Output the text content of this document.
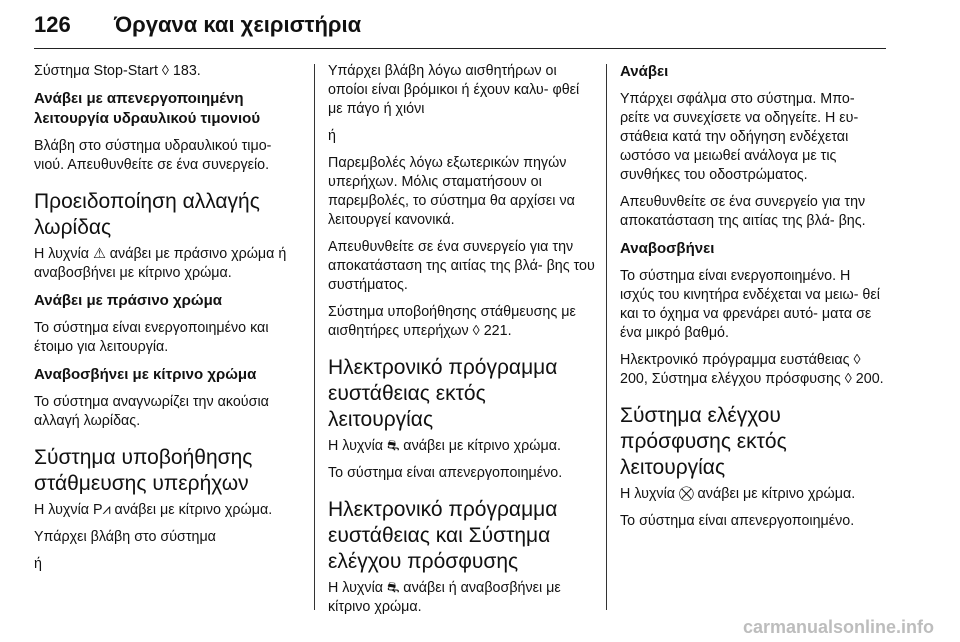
126 Όργανα και χειριστήρια

Σύστημα Stop-Start ◊ 183.

Ανάβει με απενεργοποιημένη λειτουργία υδραυλικού τιμονιού

Βλάβη στο σύστημα υδραυλικού τιμο- νιού. Απευθυνθείτε σε ένα συνεργείο.

Προειδοποίηση αλλαγής λωρίδας

Η λυχνία ⚠ ανάβει με πράσινο χρώμα ή αναβοσβήνει με κίτρινο χρώμα.

Ανάβει με πράσινο χρώμα

Το σύστημα είναι ενεργοποιημένο και έτοιμο για λειτουργία.

Αναβοσβήνει με κίτρινο χρώμα

Το σύστημα αναγνωρίζει την ακούσια αλλαγή λωρίδας.

Σύστημα υποβοήθησης στάθμευσης υπερήχων

Η λυχνία P⩘ ανάβει με κίτρινο χρώμα.

Υπάρχει βλάβη στο σύστημα

ή

Υπάρχει βλάβη λόγω αισθητήρων οι οποίοι είναι βρόμικοι ή έχουν καλυ- φθεί με πάγο ή χιόνι

ή

Παρεμβολές λόγω εξωτερικών πηγών υπερήχων. Μόλις σταματήσουν οι παρεμβολές, το σύστημα θα αρχίσει να λειτουργεί κανονικά.

Απευθυνθείτε σε ένα συνεργείο για την αποκατάσταση της αιτίας της βλά- βης του συστήματος.

Σύστημα υποβοήθησης στάθμευσης με αισθητήρες υπερήχων ◊ 221.

Ηλεκτρονικό πρόγραμμα ευστάθειας εκτός λειτουργίας

Η λυχνία ⛐ ανάβει με κίτρινο χρώμα.

Το σύστημα είναι απενεργοποιημένο.

Ηλεκτρονικό πρόγραμμα ευστάθειας και Σύστημα ελέγχου πρόσφυσης

Η λυχνία ⛐ ανάβει ή αναβοσβήνει με κίτρινο χρώμα.

Ανάβει

Υπάρχει σφάλμα στο σύστημα. Μπο- ρείτε να συνεχίσετε να οδηγείτε. Η ευ- στάθεια κατά την οδήγηση ενδέχεται ωστόσο να μειωθεί ανάλογα με τις συνθήκες του οδοστρώματος.

Απευθυνθείτε σε ένα συνεργείο για την αποκατάσταση της αιτίας της βλά- βης.

Αναβοσβήνει

Το σύστημα είναι ενεργοποιημένο. Η ισχύς του κινητήρα ενδέχεται να μειω- θεί και το όχημα να φρενάρει αυτό- ματα σε ένα μικρό βαθμό.

Ηλεκτρονικό πρόγραμμα ευστάθειας ◊ 200, Σύστημα ελέγχου πρόσφυσης ◊ 200.

Σύστημα ελέγχου πρόσφυσης εκτός λειτουργίας

Η λυχνία ⛒ ανάβει με κίτρινο χρώμα.

Το σύστημα είναι απενεργοποιημένο.

carmanualsonline.info
